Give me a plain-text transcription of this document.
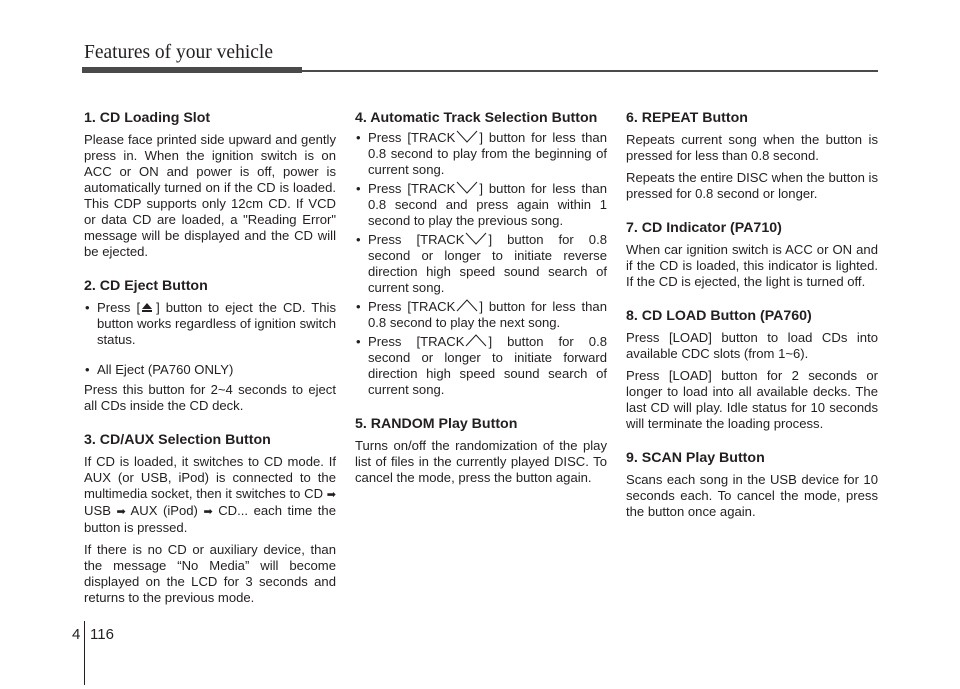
Features of your vehicle
1. CD Loading Slot

Please face printed side upward and gently press in. When the ignition switch is on ACC or ON and power is off, power is automatically turned on if the CD is loaded. This CDP supports only 12cm CD. If VCD or data CD are loaded, a "Reading Error" message will be displayed and the CD will be ejected.

2. CD Eject Button
• Press [ ] button to eject the CD. This button works regardless of ignition switch status.
• All Eject (PA760 ONLY)

Press this button for 2~4 seconds to eject all CDs inside the CD deck.

3. CD/AUX Selection Button

If CD is loaded, it switches to CD mode. If AUX (or USB, iPod) is connected to the multimedia socket, then it switches to CD ➡ USB ➡ AUX (iPod) ➡ CD... each time the button is pressed.

If there is no CD or auxiliary device, than the message “No Media” will become displayed on the LCD for 3 seconds and returns to the previous mode.

4. Automatic Track Selection Button
• Press [TRACK ] button for less than 0.8 second to play from the beginning of current song.
• Press [TRACK ] button for less than 0.8 second and press again within 1 second to play the previous song.
• Press [TRACK ] button for 0.8 second or longer to initiate reverse direction high speed sound search of current song.
• Press [TRACK ] button for less than 0.8 second to play the next song.
• Press [TRACK ] button for 0.8 second or longer to initiate forward direction high speed sound search of current song.
5. RANDOM Play Button

Turns on/off the randomization of the play list of files in the currently played DISC. To cancel the mode, press the button again.

6. REPEAT Button

Repeats current song when the button is pressed for less than 0.8 second.

Repeats the entire DISC when the button is pressed for 0.8 second or longer.

7. CD Indicator (PA710)

When car ignition switch is ACC or ON and if the CD is loaded, this indicator is lighted. If the CD is ejected, the light is turned off.

8. CD LOAD Button (PA760)

Press [LOAD] button to load CDs into available CDC slots (from 1~6).

Press [LOAD] button for 2 seconds or longer to load into all available decks. The last CD will play. Idle status for 10 seconds will terminate the loading process.

9. SCAN Play Button

Scans each song in the USB device for 10 seconds each. To cancel the mode, press the button once again.

4 116
